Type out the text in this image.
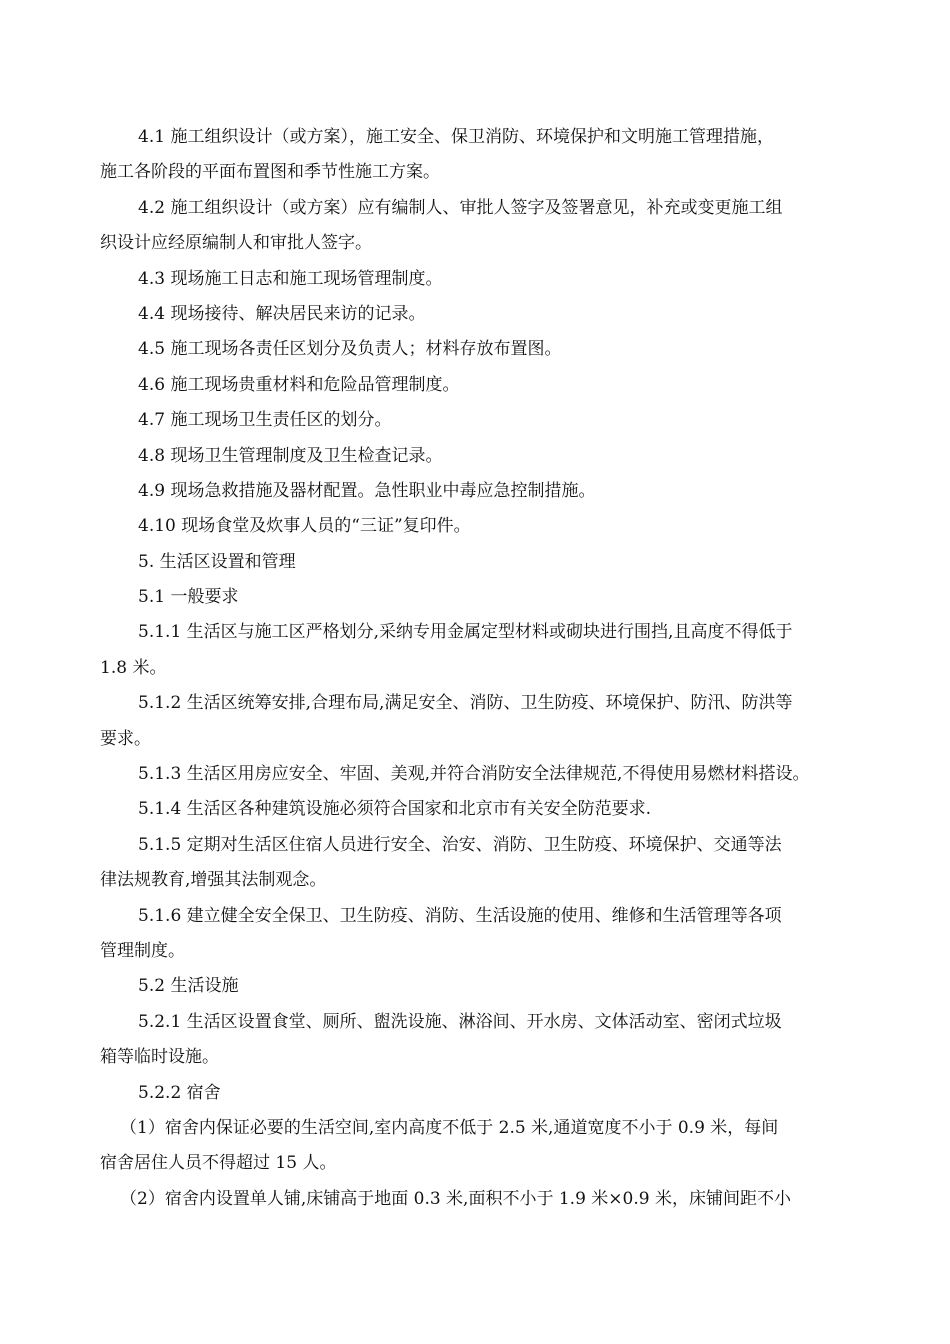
4.1 施工组织设计（或方案），施工安全、保卫消防、环境保护和文明施工管理措施，
施工各阶段的平面布置图和季节性施工方案。
4.2 施工组织设计（或方案）应有编制人、审批人签字及签署意见，补充或变更施工组
织设计应经原编制人和审批人签字。
4.3 现场施工日志和施工现场管理制度。
4.4 现场接待、解决居民来访的记录。
4.5 施工现场各责任区划分及负责人；材料存放布置图。
4.6 施工现场贵重材料和危险品管理制度。
4.7 施工现场卫生责任区的划分。
4.8 现场卫生管理制度及卫生检查记录。
4.9 现场急救措施及器材配置。急性职业中毒应急控制措施。
4.10 现场食堂及炊事人员的“三证”复印件。
5. 生活区设置和管理
5.1 一般要求
5.1.1 生活区与施工区严格划分,采纳专用金属定型材料或砌块进行围挡,且高度不得低于
1.8 米。
5.1.2 生活区统筹安排,合理布局,满足安全、消防、卫生防疫、环境保护、防汛、防洪等
要求。
5.1.3 生活区用房应安全、牢固、美观,并符合消防安全法律规范,不得使用易燃材料搭设。
5.1.4 生活区各种建筑设施必须符合国家和北京市有关安全防范要求.
5.1.5 定期对生活区住宿人员进行安全、治安、消防、卫生防疫、环境保护、交通等法
律法规教育,增强其法制观念。
5.1.6 建立健全安全保卫、卫生防疫、消防、生活设施的使用、维修和生活管理等各项
管理制度。
5.2 生活设施
5.2.1 生活区设置食堂、厕所、盥洗设施、淋浴间、开水房、文体活动室、密闭式垃圾
箱等临时设施。
5.2.2 宿舍
（1）宿舍内保证必要的生活空间,室内高度不低于 2.5 米,通道宽度不小于 0.9 米，每间
宿舍居住人员不得超过 15 人。
（2）宿舍内设置单人铺,床铺高于地面 0.3 米,面积不小于 1.9 米×0.9 米，床铺间距不小
